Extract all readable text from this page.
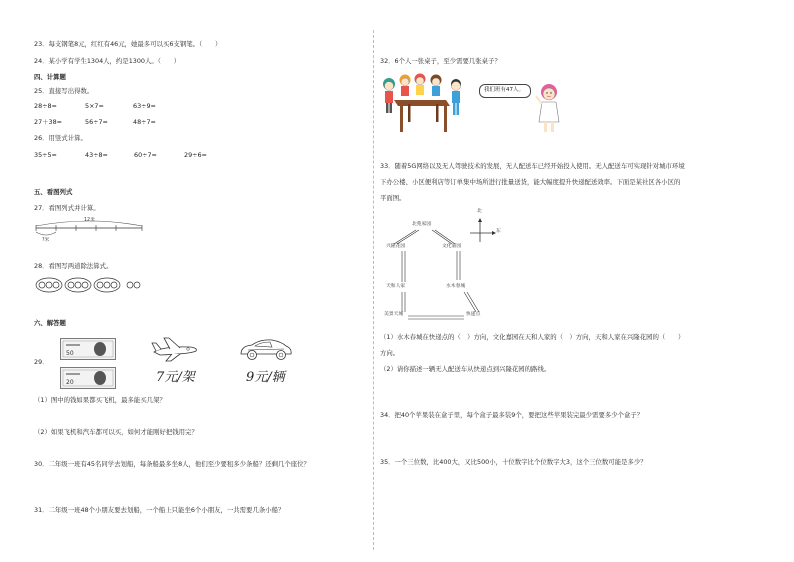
23．每支钢笔8元，红红有46元，她最多可以买6支钢笔。（　　）
24．某小学有学生1304人，约是1300人。（　　）
四、计算题
25．直接写出得数。
28÷8=	5×7=	63÷9=
27＋38=	56÷7=	48÷7=
26．用竖式计算。
35÷5=	43÷8=	60÷7=	29÷6=
五、看图列式
27．看图列式并计算。
12米
?米
28．看图写两道除法算式。
六、解答题
29．
50
20	7元/架	9元/辆
（1）图中的钱如果都买飞机，最多能买几架？
（2）如果飞机和汽车都可以买，如何才能刚好把钱用完？
30．二年级一班有45名同学去划船，每条船最多坐8人，他们至少要租多少条船？还剩几个座位？
31．二年级一班48个小朋友要去划船，一个船上只能坐6个小朋友，一共需要几条小船？
32．6个人一张桌子，至少需要几张桌子？
我们班有47人。
33．随着5G网络以及无人驾驶技术的发展，无人配送车已经开始投入使用。无人配送车可实现针对城市环境
下办公楼、小区便利店等订单集中场所进行批量送货，能大幅度提升快递配送效率。下面是某社区各小区的
平面图。
北苑家园
北
东
兴隆花园	文化嘉园
天和人家	水木春城
美景天城	快递点
（1）水木春城在快递点的（　）方向，文化嘉园在天和人家的（　）方向，天和人家在兴隆花园的（　　）
方向。
（2）请你描述一辆无人配送车从快递点到兴隆花园的路线。
34．把40个苹果装在盒子里，每个盒子最多装9个，要把这些苹果装完最少需要多少个盒子？
35．一个三位数，比400大，又比500小，十位数字比个位数字大3，这个三位数可能是多少？
